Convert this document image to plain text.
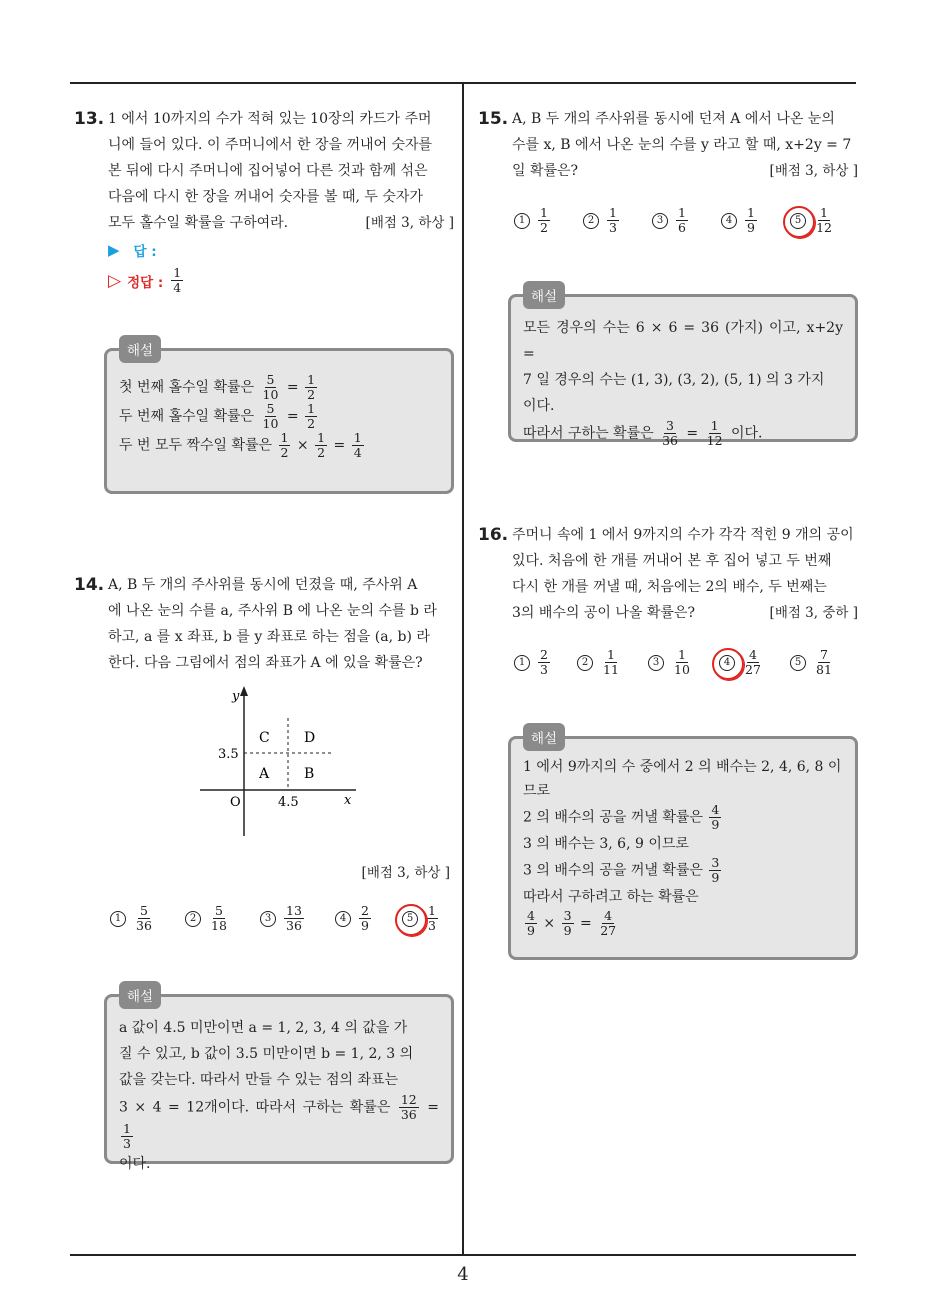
13. 1 에서 10까지의 수가 적혀 있는 10장의 카드가 주머
니에 들어 있다. 이 주머니에서 한 장을 꺼내어 숫자를
본 뒤에 다시 주머니에 집어넣어 다른 것과 함께 섞은
다음에 다시 한 장을 꺼내어 숫자를 볼 때, 두 숫자가
모두 홀수일 확률을 구하여라.	[배점 3, 하상 ]
▶ 답 :
▷ 정답 : $\frac{1}{4}$
해설
첫 번째 홀수일 확률은 $\frac{5}{10} = \frac{1}{2}$
두 번째 홀수일 확률은 $\frac{5}{10} = \frac{1}{2}$
두 번 모두 짝수일 확률은 $\frac{1}{2} \times \frac{1}{2} = \frac{1}{4}$
14. A, B 두 개의 주사위를 동시에 던졌을 때, 주사위 A
에 나온 눈의 수를 a, 주사위 B 에 나온 눈의 수를 b 라
하고, a 를 x 좌표, b 를 y 좌표로 하는 점을 (a, b) 라
한다. 다음 그림에서 점의 좌표가 A 에 있을 확률은?
y
x
O
3.5
4.5
A B
C D
[배점 3, 하상 ]
1	$\frac{5}{36}$	2	$\frac{5}{18}$	3	$\frac{13}{36}$	4	$\frac{2}{9}$	5	$\frac{1}{3}$
해설
a 값이 4.5 미만이면 a = 1, 2, 3, 4 의 값을 가
질 수 있고, b 값이 3.5 미만이면 b = 1, 2, 3 의
값을 갖는다. 따라서 만들 수 있는 점의 좌표는
3 × 4 = 12개이다. 따라서 구하는 확률은 $\frac{12}{36}$ =
$\frac{1}{3}$
이다.
15. A, B 두 개의 주사위를 동시에 던져 A 에서 나온 눈의
수를 x, B 에서 나온 눈의 수를 y 라고 할 때, x+2y = 7
일 확률은?	[배점 3, 하상 ]
1	$\frac{1}{2}$	2	$\frac{1}{3}$	3	$\frac{1}{6}$	4	$\frac{1}{9}$	5	$\frac{1}{12}$
해설
모든 경우의 수는 6 × 6 = 36 (가지) 이고, x+2y =
7 일 경우의 수는 (1, 3), (3, 2), (5, 1) 의 3 가지
이다.
따라서 구하는 확률은 $\frac{3}{36} = \frac{1}{12}$ 이다.
16. 주머니 속에 1 에서 9까지의 수가 각각 적힌 9 개의 공이
있다. 처음에 한 개를 꺼내어 본 후 집어 넣고 두 번째
다시 한 개를 꺼낼 때, 처음에는 2의 배수, 두 번째는
3의 배수의 공이 나올 확률은?	[배점 3, 중하 ]
1	$\frac{2}{3}$	2	$\frac{1}{11}$	3	$\frac{1}{10}$	4	$\frac{4}{27}$	5	$\frac{7}{81}$
해설
1 에서 9까지의 수 중에서 2 의 배수는 2, 4, 6, 8 이
므로
2 의 배수의 공을 꺼낼 확률은 $\frac{4}{9}$
3 의 배수는 3, 6, 9 이므로
3 의 배수의 공을 꺼낼 확률은 $\frac{3}{9}$
따라서 구하려고 하는 확률은
$\frac{4}{9} \times \frac{3}{9} = \frac{4}{27}$
4
